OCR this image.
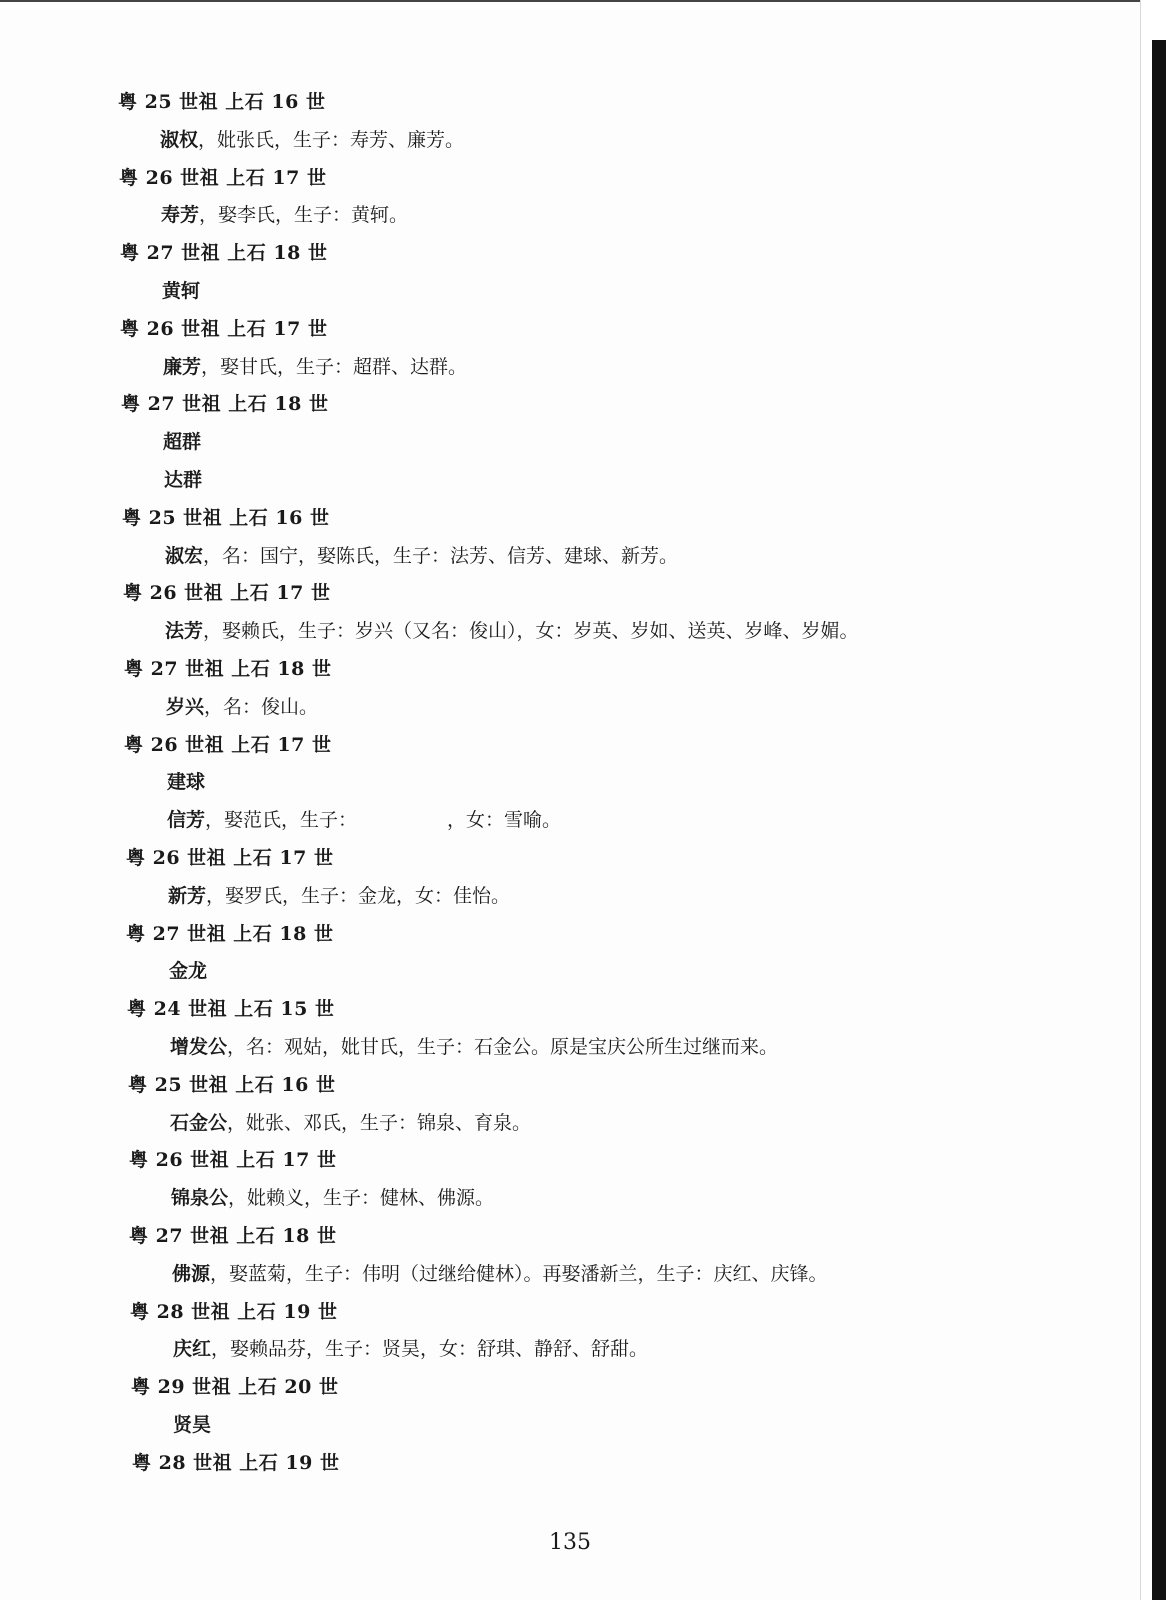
粤 25 世祖 上石 16 世
淑权，妣张氏，生子：寿芳、廉芳。
粤 26 世祖 上石 17 世
寿芳，娶李氏，生子：黄轲。
粤 27 世祖 上石 18 世
黄轲
粤 26 世祖 上石 17 世
廉芳，娶甘氏，生子：超群、达群。
粤 27 世祖 上石 18 世
超群
达群
粤 25 世祖 上石 16 世
淑宏，名：国宁，娶陈氏，生子：法芳、信芳、建球、新芳。
粤 26 世祖 上石 17 世
法芳，娶赖氏，生子：岁兴（又名：俊山），女：岁英、岁如、送英、岁峰、岁媚。
粤 27 世祖 上石 18 世
岁兴，名：俊山。
粤 26 世祖 上石 17 世
建球
信芳，娶范氏，生子：	，女：雪喻。
粤 26 世祖 上石 17 世
新芳，娶罗氏，生子：金龙，女：佳怡。
粤 27 世祖 上石 18 世
金龙
粤 24 世祖 上石 15 世
增发公，名：观姑，妣甘氏，生子：石金公。原是宝庆公所生过继而来。
粤 25 世祖 上石 16 世
石金公，妣张、邓氏，生子：锦泉、育泉。
粤 26 世祖 上石 17 世
锦泉公，妣赖义，生子：健林、佛源。
粤 27 世祖 上石 18 世
佛源，娶蓝菊，生子：伟明（过继给健林）。再娶潘新兰，生子：庆红、庆锋。
粤 28 世祖 上石 19 世
庆红，娶赖品芬，生子：贤昊，女：舒琪、静舒、舒甜。
粤 29 世祖 上石 20 世
贤昊
粤 28 世祖 上石 19 世
135
